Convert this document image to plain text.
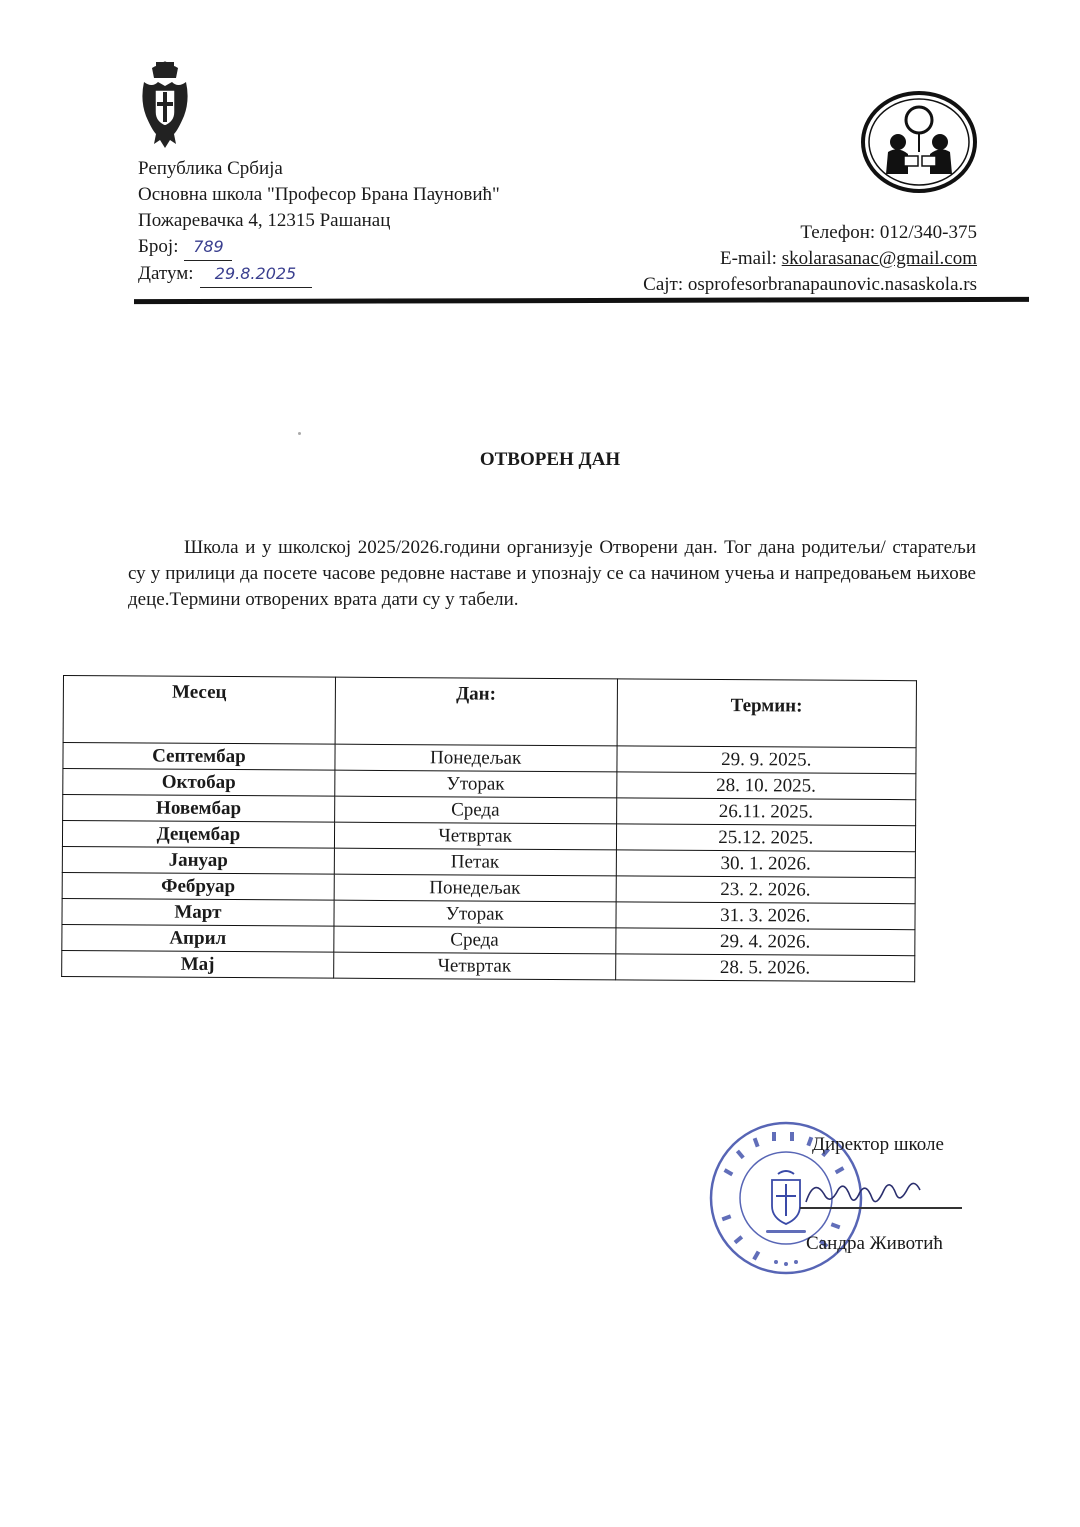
Република Србија
Основна школа "Професор Брана Пауновић"
Пожаревачка 4, 12315 Рашанац
Број: 789
Датум: 29.8.2025
Телефон: 012/340-375
E-mail: skolarasanac@gmail.com
Сајт: osprofesorbranapaunovic.nasaskola.rs
ОТВОРЕН ДАН
Школа и у школској 2025/2026.години организује Отворени дан. Тог дана родитељи/ старатељи су у прилици да посете часове редовне наставе и упознају се са начином учења и напредовањем њихове деце.Термини отворених врата дати су у табели.
Месец	Дан:	Термин:
Септембар	Понедељак	29. 9. 2025.
Октобар	Уторак	28. 10. 2025.
Новембар	Среда	26.11. 2025.
Децембар	Четвртак	25.12. 2025.
Јануар	Петак	30. 1. 2026.
Фебруар	Понедељак	23. 2. 2026.
Март	Уторак	31. 3. 2026.
Април	Среда	29. 4. 2026.
Мај	Четвртак	28. 5. 2026.
Директор школе
Сандра Животић
